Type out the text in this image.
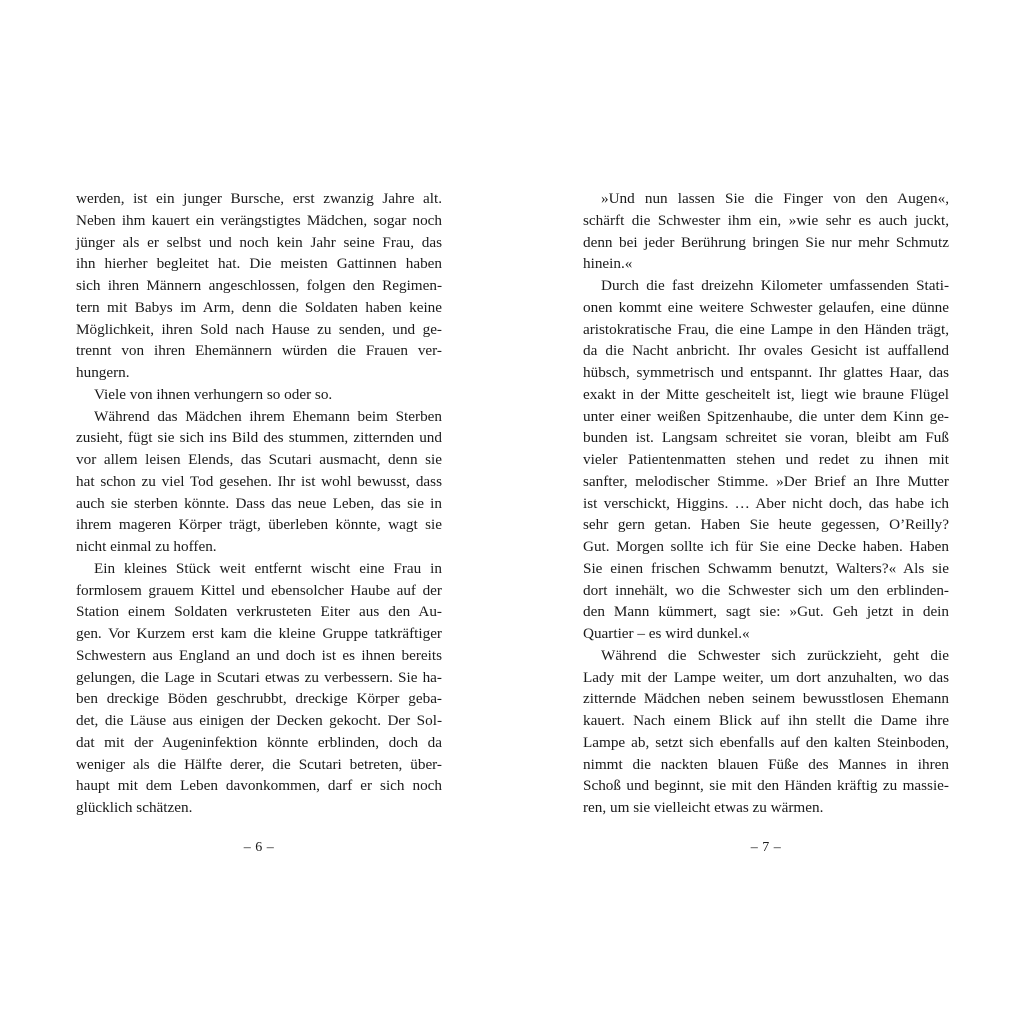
werden, ist ein junger Bursche, erst zwanzig Jahre alt.
Neben ihm kauert ein verängstigtes Mädchen, sogar noch
jünger als er selbst und noch kein Jahr seine Frau, das
ihn hierher begleitet hat. Die meisten Gattinnen haben
sich ihren Männern angeschlossen, folgen den Regimen-
tern mit Babys im Arm, denn die Soldaten haben keine
Möglichkeit, ihren Sold nach Hause zu senden, und ge-
trennt von ihren Ehemännern würden die Frauen ver-
hungern.
Viele von ihnen verhungern so oder so.
Während das Mädchen ihrem Ehemann beim Sterben
zusieht, fügt sie sich ins Bild des stummen, zitternden und
vor allem leisen Elends, das Scutari ausmacht, denn sie
hat schon zu viel Tod gesehen. Ihr ist wohl bewusst, dass
auch sie sterben könnte. Dass das neue Leben, das sie in
ihrem mageren Körper trägt, überleben könnte, wagt sie
nicht einmal zu hoffen.
Ein kleines Stück weit entfernt wischt eine Frau in
formlosem grauem Kittel und ebensolcher Haube auf der
Station einem Soldaten verkrusteten Eiter aus den Au-
gen. Vor Kurzem erst kam die kleine Gruppe tatkräftiger
Schwestern aus England an und doch ist es ihnen bereits
gelungen, die Lage in Scutari etwas zu verbessern. Sie ha-
ben dreckige Böden geschrubbt, dreckige Körper geba-
det, die Läuse aus einigen der Decken gekocht. Der Sol-
dat mit der Augeninfektion könnte erblinden, doch da
weniger als die Hälfte derer, die Scutari betreten, über-
haupt mit dem Leben davonkommen, darf er sich noch
glücklich schätzen.
– 6 –
»Und nun lassen Sie die Finger von den Augen«,
schärft die Schwester ihm ein, »wie sehr es auch juckt,
denn bei jeder Berührung bringen Sie nur mehr Schmutz
hinein.«
Durch die fast dreizehn Kilometer umfassenden Stati-
onen kommt eine weitere Schwester gelaufen, eine dünne
aristokratische Frau, die eine Lampe in den Händen trägt,
da die Nacht anbricht. Ihr ovales Gesicht ist auffallend
hübsch, symmetrisch und entspannt. Ihr glattes Haar, das
exakt in der Mitte gescheitelt ist, liegt wie braune Flügel
unter einer weißen Spitzenhaube, die unter dem Kinn ge-
bunden ist. Langsam schreitet sie voran, bleibt am Fuß
vieler Patientenmatten stehen und redet zu ihnen mit
sanfter, melodischer Stimme. »Der Brief an Ihre Mutter
ist verschickt, Higgins. … Aber nicht doch, das habe ich
sehr gern getan. Haben Sie heute gegessen, O’Reilly?
Gut. Morgen sollte ich für Sie eine Decke haben. Haben
Sie einen frischen Schwamm benutzt, Walters?« Als sie
dort innehält, wo die Schwester sich um den erblinden-
den Mann kümmert, sagt sie: »Gut. Geh jetzt in dein
Quartier – es wird dunkel.«
Während die Schwester sich zurückzieht, geht die
Lady mit der Lampe weiter, um dort anzuhalten, wo das
zitternde Mädchen neben seinem bewusstlosen Ehemann
kauert. Nach einem Blick auf ihn stellt die Dame ihre
Lampe ab, setzt sich ebenfalls auf den kalten Steinboden,
nimmt die nackten blauen Füße des Mannes in ihren
Schoß und beginnt, sie mit den Händen kräftig zu massie-
ren, um sie vielleicht etwas zu wärmen.
– 7 –
